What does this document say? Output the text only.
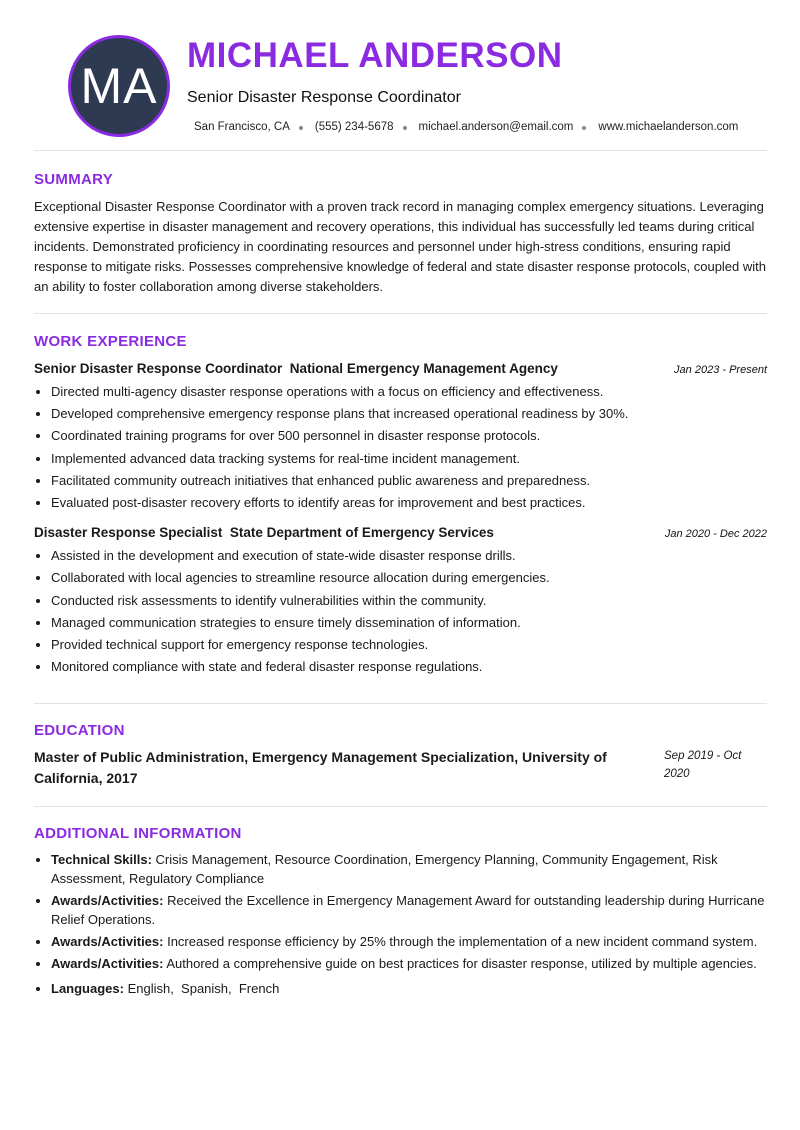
MA
MICHAEL ANDERSON
Senior Disaster Response Coordinator
San Francisco, CA (555) 234-5678 michael.anderson@email.com www.michaelanderson.com
SUMMARY

Exceptional Disaster Response Coordinator with a proven track record in managing complex emergency situations. Leveraging extensive expertise in disaster management and recovery operations, this individual has successfully led teams during critical incidents. Demonstrated proficiency in coordinating resources and personnel under high-stress conditions, ensuring rapid response to mitigate risks. Possesses comprehensive knowledge of federal and state disaster response protocols, coupled with an ability to foster collaboration among diverse stakeholders.

WORK EXPERIENCE
Senior Disaster Response Coordinator  National Emergency Management Agency	Jan 2023 - Present
• Directed multi-agency disaster response operations with a focus on efficiency and effectiveness.
• Developed comprehensive emergency response plans that increased operational readiness by 30%.
• Coordinated training programs for over 500 personnel in disaster response protocols.
• Implemented advanced data tracking systems for real-time incident management.
• Facilitated community outreach initiatives that enhanced public awareness and preparedness.
• Evaluated post-disaster recovery efforts to identify areas for improvement and best practices.
Disaster Response Specialist  State Department of Emergency Services	Jan 2020 - Dec 2022
• Assisted in the development and execution of state-wide disaster response drills.
• Collaborated with local agencies to streamline resource allocation during emergencies.
• Conducted risk assessments to identify vulnerabilities within the community.
• Managed communication strategies to ensure timely dissemination of information.
• Provided technical support for emergency response technologies.
• Monitored compliance with state and federal disaster response regulations.
EDUCATION
Master of Public Administration, Emergency Management Specialization, University of California, 2017
Sep 2019 - Oct 2020
ADDITIONAL INFORMATION
• Technical Skills: Crisis Management, Resource Coordination, Emergency Planning, Community Engagement, Risk Assessment, Regulatory Compliance
• Awards/Activities: Received the Excellence in Emergency Management Award for outstanding leadership during Hurricane Relief Operations.
• Awards/Activities: Increased response efficiency by 25% through the implementation of a new incident command system.
• Awards/Activities: Authored a comprehensive guide on best practices for disaster response, utilized by multiple agencies.
• Languages: English,  Spanish,  French
